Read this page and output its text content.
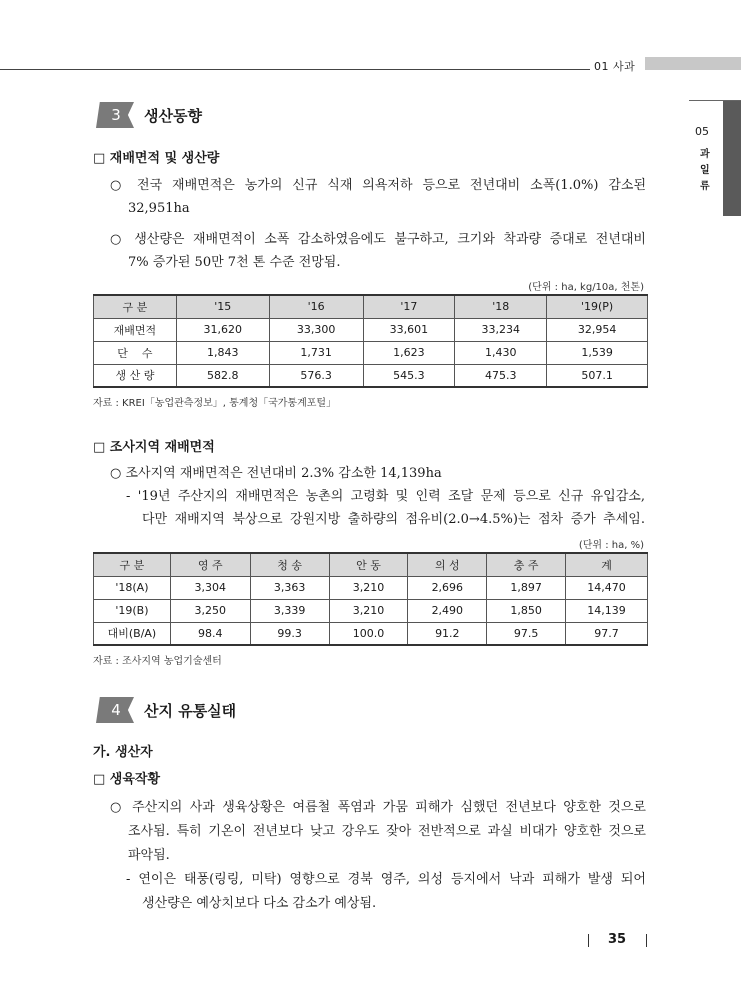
01 사과
05
과일류
3 생산동향
□ 재배면적 및 생산량
○ 전국 재배면적은 농가의 신규 식재 의욕저하 등으로 전년대비 소폭(1.0%) 감소된
32,951ha
○ 생산량은 재배면적이 소폭 감소하였음에도 불구하고, 크기와 착과량 증대로 전년대비
7% 증가된 50만 7천 톤 수준 전망됨.
(단위 : ha, kg/10a, 천톤)
구 분	'15	'16	'17	'18	'19(P)
재배면적	31,620	33,300	33,601	33,234	32,954
단    수	1,843	1,731	1,623	1,430	1,539
생 산 량	582.8	576.3	545.3	475.3	507.1
자료 : KREI「농업관측정보」, 통계청「국가통계포털」
□ 조사지역 재배면적
○ 조사지역 재배면적은 전년대비 2.3% 감소한 14,139ha
- '19년 주산지의 재배면적은 농촌의 고령화 및 인력 조달 문제 등으로 신규 유입감소,
다만 재배지역 북상으로 강원지방 출하량의 점유비(2.0→4.5%)는 점차 증가 추세임.
(단위 : ha, %)
구 분	영 주	청 송	안 동	의 성	충 주	계
'18(A)	3,304	3,363	3,210	2,696	1,897	14,470
'19(B)	3,250	3,339	3,210	2,490	1,850	14,139
대비(B/A)	98.4	99.3	100.0	91.2	97.5	97.7
자료 : 조사지역 농업기술센터
4 산지 유통실태
가. 생산자
□ 생육작황
○ 주산지의 사과 생육상황은 여름철 폭염과 가뭄 피해가 심했던 전년보다 양호한 것으로
조사됨. 특히 기온이 전년보다 낮고 강우도 잦아 전반적으로 과실 비대가 양호한 것으로
파악됨.
- 연이은 태풍(링링, 미탁) 영향으로 경북 영주, 의성 등지에서 낙과 피해가 발생 되어
생산량은 예상치보다 다소 감소가 예상됨.
35
